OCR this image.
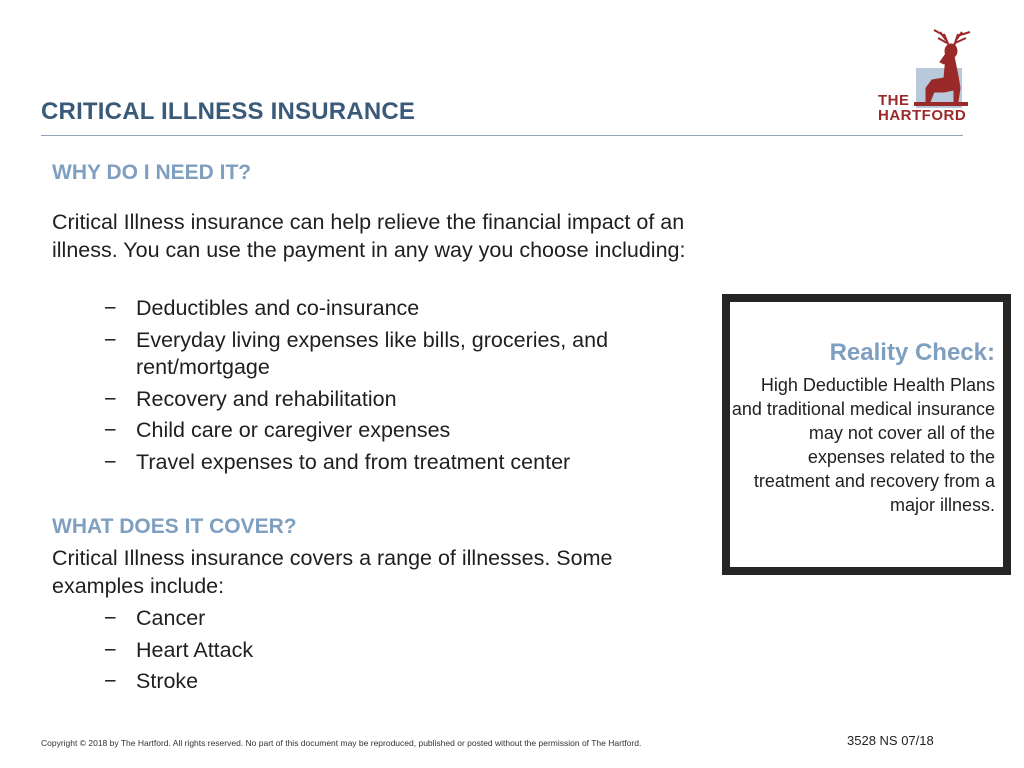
CRITICAL ILLNESS INSURANCE	THE
HARTFORD
WHY DO I NEED IT?

Critical Illness insurance can help relieve the financial impact of an illness. You can use the payment in any way you choose including:

− Deductibles and co-insurance
− Everyday living expenses like bills, groceries, and rent/mortgage
− Recovery and rehabilitation
− Child care or caregiver expenses
− Travel expenses to and from treatment center
WHAT DOES IT COVER?

Critical Illness insurance covers a range of illnesses. Some examples include:

− Cancer
− Heart Attack
− Stroke
Reality Check:

High Deductible Health Plans and traditional medical insurance may not cover all of the expenses related to the treatment and recovery from a major illness.

Copyright © 2018 by The Hartford. All rights reserved. No part of this document may be reproduced, published or posted without the permission of The Hartford.	3528 NS 07/18
